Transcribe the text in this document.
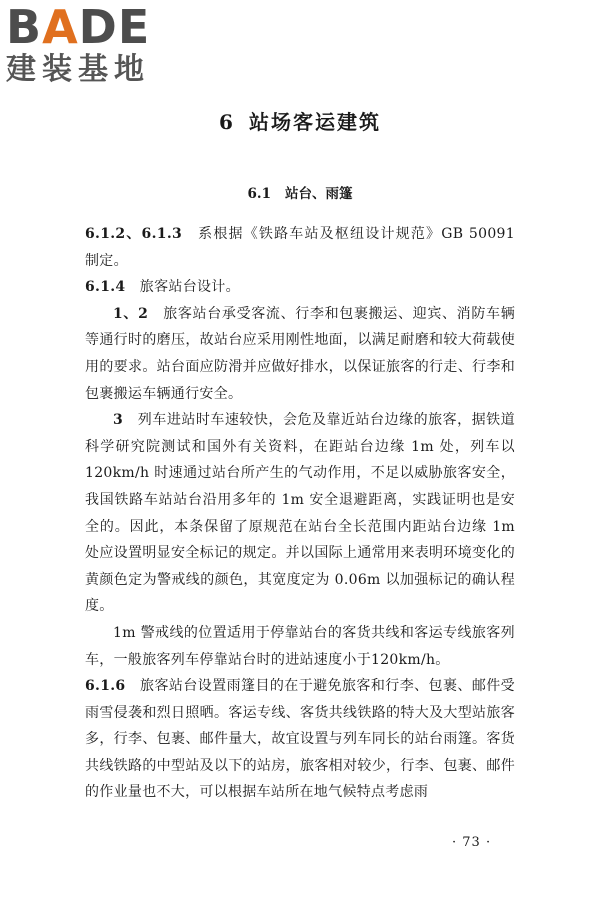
BADE
建装基地
6 站场客运建筑
6.1 站台、雨篷

6.1.2、6.1.3　 系根据《铁路车站及枢纽设计规范》GB 50091 制定。

6.1.4　 旅客站台设计。

1、2　 旅客站台承受客流、行李和包裹搬运、迎宾、消防车辆等通行时的磨压，故站台应采用刚性地面，以满足耐磨和较大荷载使用的要求。站台面应防滑并应做好排水，以保证旅客的行走、行李和包裹搬运车辆通行安全。

3　 列车进站时车速较快，会危及靠近站台边缘的旅客，据铁道科学研究院测试和国外有关资料，在距站台边缘 1m 处，列车以120km/h 时速通过站台所产生的气动作用，不足以威胁旅客安全，我国铁路车站站台沿用多年的 1m 安全退避距离，实践证明也是安全的。因此，本条保留了原规范在站台全长范围内距站台边缘 1m 处应设置明显安全标记的规定。并以国际上通常用来表明环境变化的黄颜色定为警戒线的颜色，其宽度定为 0.06m 以加强标记的确认程度。

1m 警戒线的位置适用于停靠站台的客货共线和客运专线旅客列车，一般旅客列车停靠站台时的进站速度小于120km/h。

6.1.6　 旅客站台设置雨篷目的在于避免旅客和行李、包裹、邮件受雨雪侵袭和烈日照晒。客运专线、客货共线铁路的特大及大型站旅客多，行李、包裹、邮件量大，故宜设置与列车同长的站台雨篷。客货共线铁路的中型站及以下的站房，旅客相对较少，行李、包裹、邮件的作业量也不大，可以根据车站所在地气候特点考虑雨

· 73 ·
